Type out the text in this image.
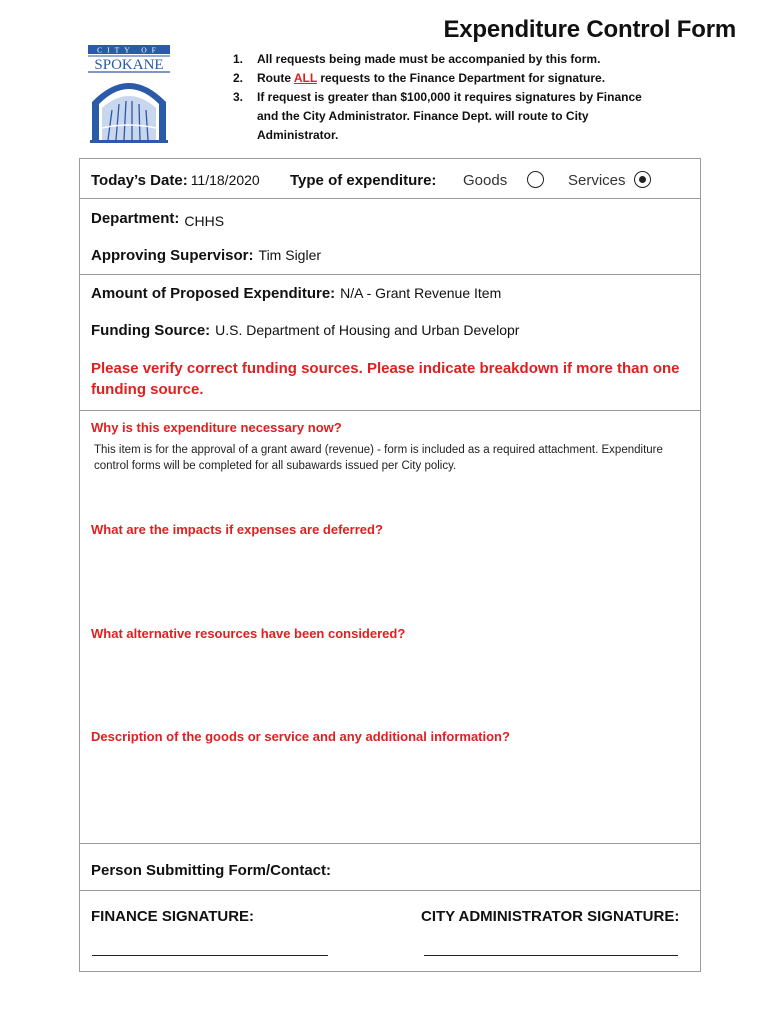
Expenditure Control Form
CITY OF
SPOKANE	1. All requests being made must be accompanied by this form.
2. Route ALL requests to the Finance Department for signature.
3. If request is greater than $100,000 it requires signatures by Finance and the City Administrator. Finance Dept. will route to City Administrator.
Today’s Date: 11/18/2020 Type of expenditure: Goods	Services
Department: CHHS
Approving Supervisor: Tim Sigler
Amount of Proposed Expenditure: N/A - Grant Revenue Item
Funding Source: U.S. Department of Housing and Urban Developr
Please verify correct funding sources. Please indicate breakdown if more than one funding source.
Why is this expenditure necessary now?
This item is for the approval of a grant award (revenue) - form is included as a required attachment. Expenditure control forms will be completed for all subawards issued per City policy.
What are the impacts if expenses are deferred?
What alternative resources have been considered?
Description of the goods or service and any additional information?
Person Submitting Form/Contact:
FINANCE SIGNATURE:	CITY ADMINISTRATOR SIGNATURE:
